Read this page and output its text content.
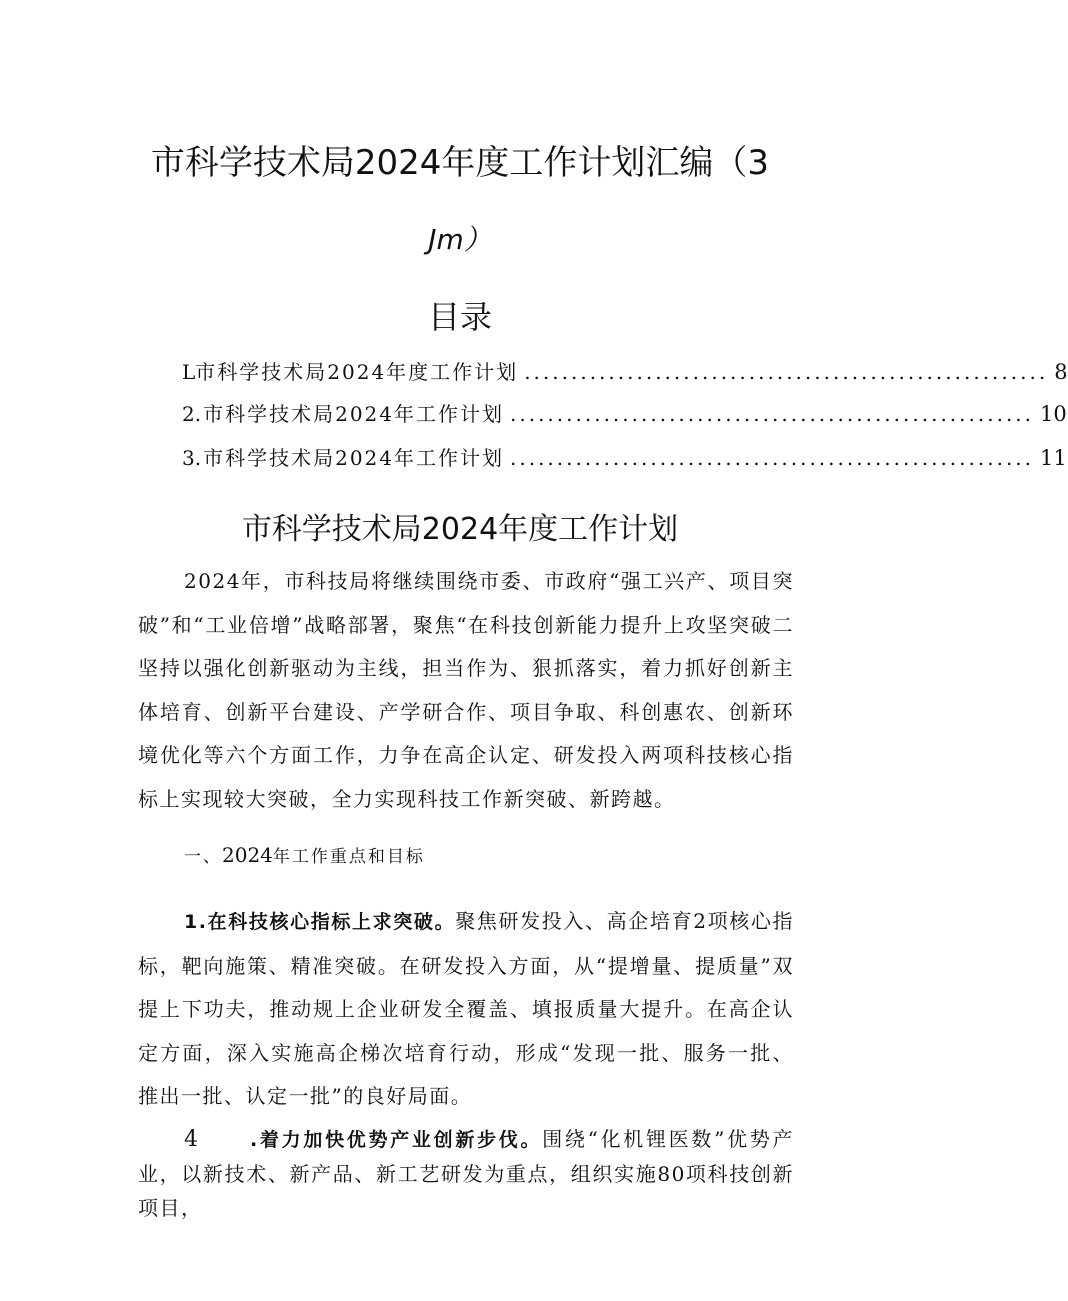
市科学技术局2024年度工作计划汇编（3
Jm）
目录
L 市科学技术局2024年度工作计划 ........................................................ 8
2 .市科学技术局2024年工作计划 ........................................................ 10
3 .市科学技术局2024年工作计划 ........................................................ 11
市科学技术局2024年度工作计划
2024年，市科技局将继续围绕市委、市政府“强工兴产、项目突破”和“工业倍增”战略部署，聚焦“在科技创新能力提升上攻坚突破二坚持以强化创新驱动为主线，担当作为、狠抓落实，着力抓好创新主体培育、创新平台建设、产学研合作、项目争取、科创惠农、创新环境优化等六个方面工作，力争在高企认定、研发投入两项科技核心指标上实现较大突破，全力实现科技工作新突破、新跨越。
一、2024年工作重点和目标
1.在科技核心指标上求突破。聚焦研发投入、高企培育2项核心指标，靶向施策、精准突破。在研发投入方面，从“提增量、提质量”双提上下功夫，推动规上企业研发全覆盖、填报质量大提升。在高企认定方面，深入实施高企梯次培育行动，形成“发现一批、服务一批、推出一批、认定一批”的良好局面。
4	.着力加快优势产业创新步伐。围绕“化机锂医数”优势产业，以新技术、新产品、新工艺研发为重点，组织实施80项科技创新项目，
